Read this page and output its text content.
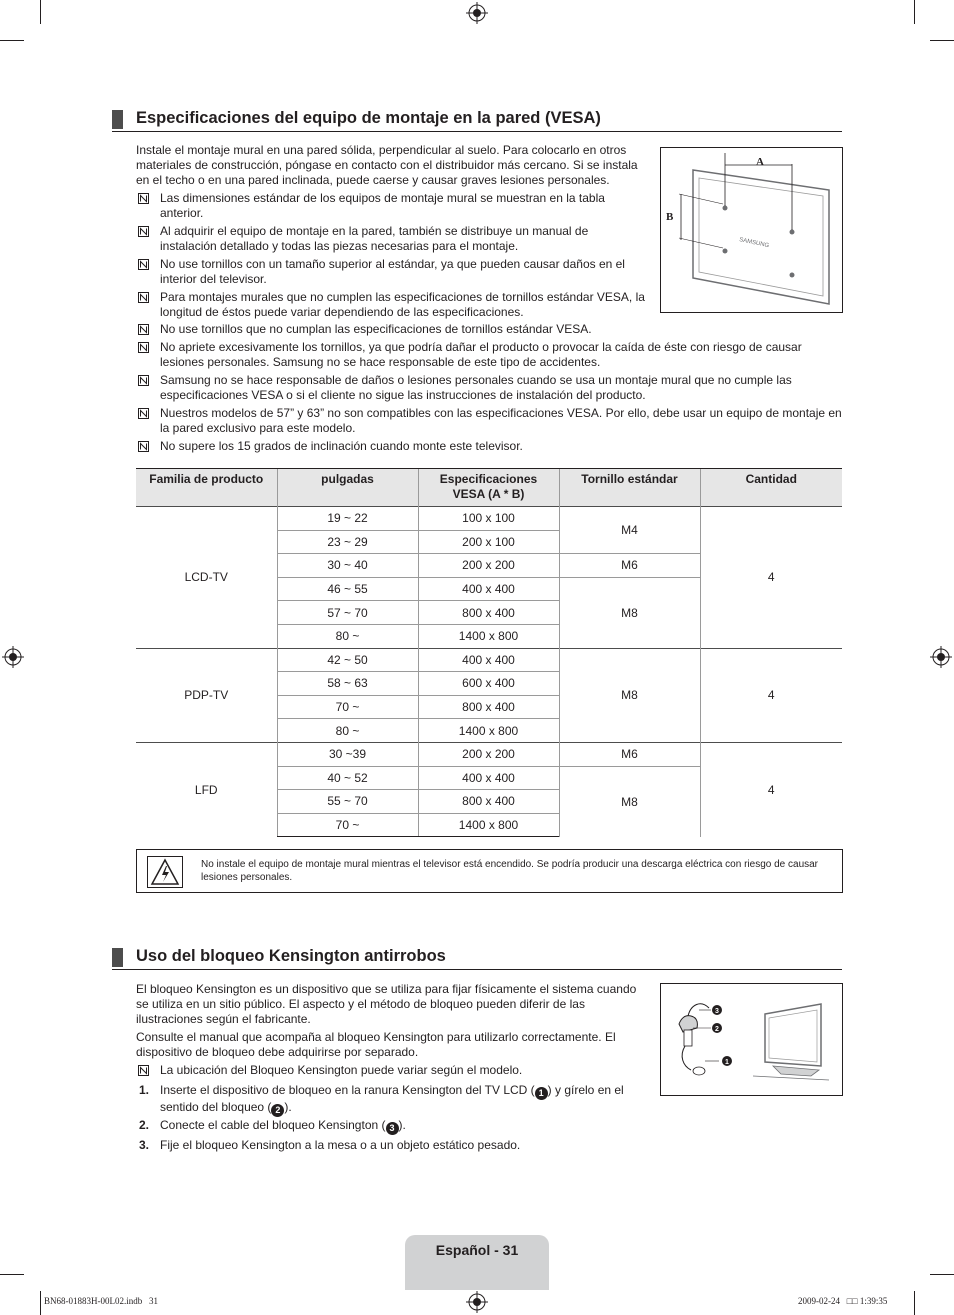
Especificaciones del equipo de montaje en la pared (VESA)
Instale el montaje mural en una pared sólida, perpendicular al suelo. Para colocarlo en otros materiales de construcción, póngase en contacto con el distribuidor más cercano. Si se instala en el techo o en una pared inclinada, puede caerse y causar graves lesiones personales.
Las dimensiones estándar de los equipos de montaje mural se muestran en la tabla anterior.
Al adquirir el equipo de montaje en la pared, también se distribuye un manual de instalación detallado y todas las piezas necesarias para el montaje.
No use tornillos con un tamaño superior al estándar, ya que pueden causar daños en el interior del televisor.
Para montajes murales que no cumplen las especificaciones de tornillos estándar VESA, la longitud de éstos puede variar dependiendo de las especificaciones.
No use tornillos que no cumplan las especificaciones de tornillos estándar VESA.
No apriete excesivamente los tornillos, ya que podría dañar el producto o provocar la caída de éste con riesgo de causar lesiones personales. Samsung no se hace responsable de este tipo de accidentes.
Samsung no se hace responsable de daños o lesiones personales cuando se usa un montaje mural que no cumple las especificaciones VESA o si el cliente no sigue las instrucciones de instalación del producto.
Nuestros modelos de 57” y 63” no son compatibles con las especificaciones VESA. Por ello, debe usar un equipo de montaje en la pared exclusivo para este modelo.
No supere los 15 grados de inclinación cuando monte este televisor.
SAMSUNG
A
B
Familia de producto	pulgadas	Especificaciones VESA (A * B)	Tornillo estándar	Cantidad
LCD-TV	19 ~ 22	100 x 100	M4	4
	23 ~ 29	200 x 100		
	30 ~ 40	200 x 200	M6	
	46 ~ 55	400 x 400	M8	
	57 ~ 70	800 x 400		
	80 ~	1400 x 800		
PDP-TV	42 ~ 50	400 x 400	M8	4
	58 ~ 63	600 x 400		
	70 ~	800 x 400		
	80 ~	1400 x 800		
LFD	30 ~39	200 x 200	M6	4
	40 ~ 52	400 x 400	M8	
	55 ~ 70	800 x 400		
	70 ~	1400 x 800		
No instale el equipo de montaje mural mientras el televisor está encendido. Se podría producir una descarga eléctrica con riesgo de causar lesiones personales.
Uso del bloqueo Kensington antirrobos
El bloqueo Kensington es un dispositivo que se utiliza para fijar físicamente el sistema cuando se utiliza en un sitio público. El aspecto y el método de bloqueo pueden diferir de las ilustraciones según el fabricante.
Consulte el manual que acompaña al bloqueo Kensington para utilizarlo correctamente. El dispositivo de bloqueo debe adquirirse por separado.
La ubicación del Bloqueo Kensington puede variar según el modelo.
1. Inserte el dispositivo de bloqueo en la ranura Kensington del TV LCD ( 1 ) y gírelo en el sentido del bloqueo ( 2 ).
2. Conecte el cable del bloqueo Kensington ( 3 ).
3. Fije el bloqueo Kensington a la mesa o a un objeto estático pesado.
3
2
1
Español - 31
BN68-01883H-00L02.indb   31	2009-02-24   □□ 1:39:35
